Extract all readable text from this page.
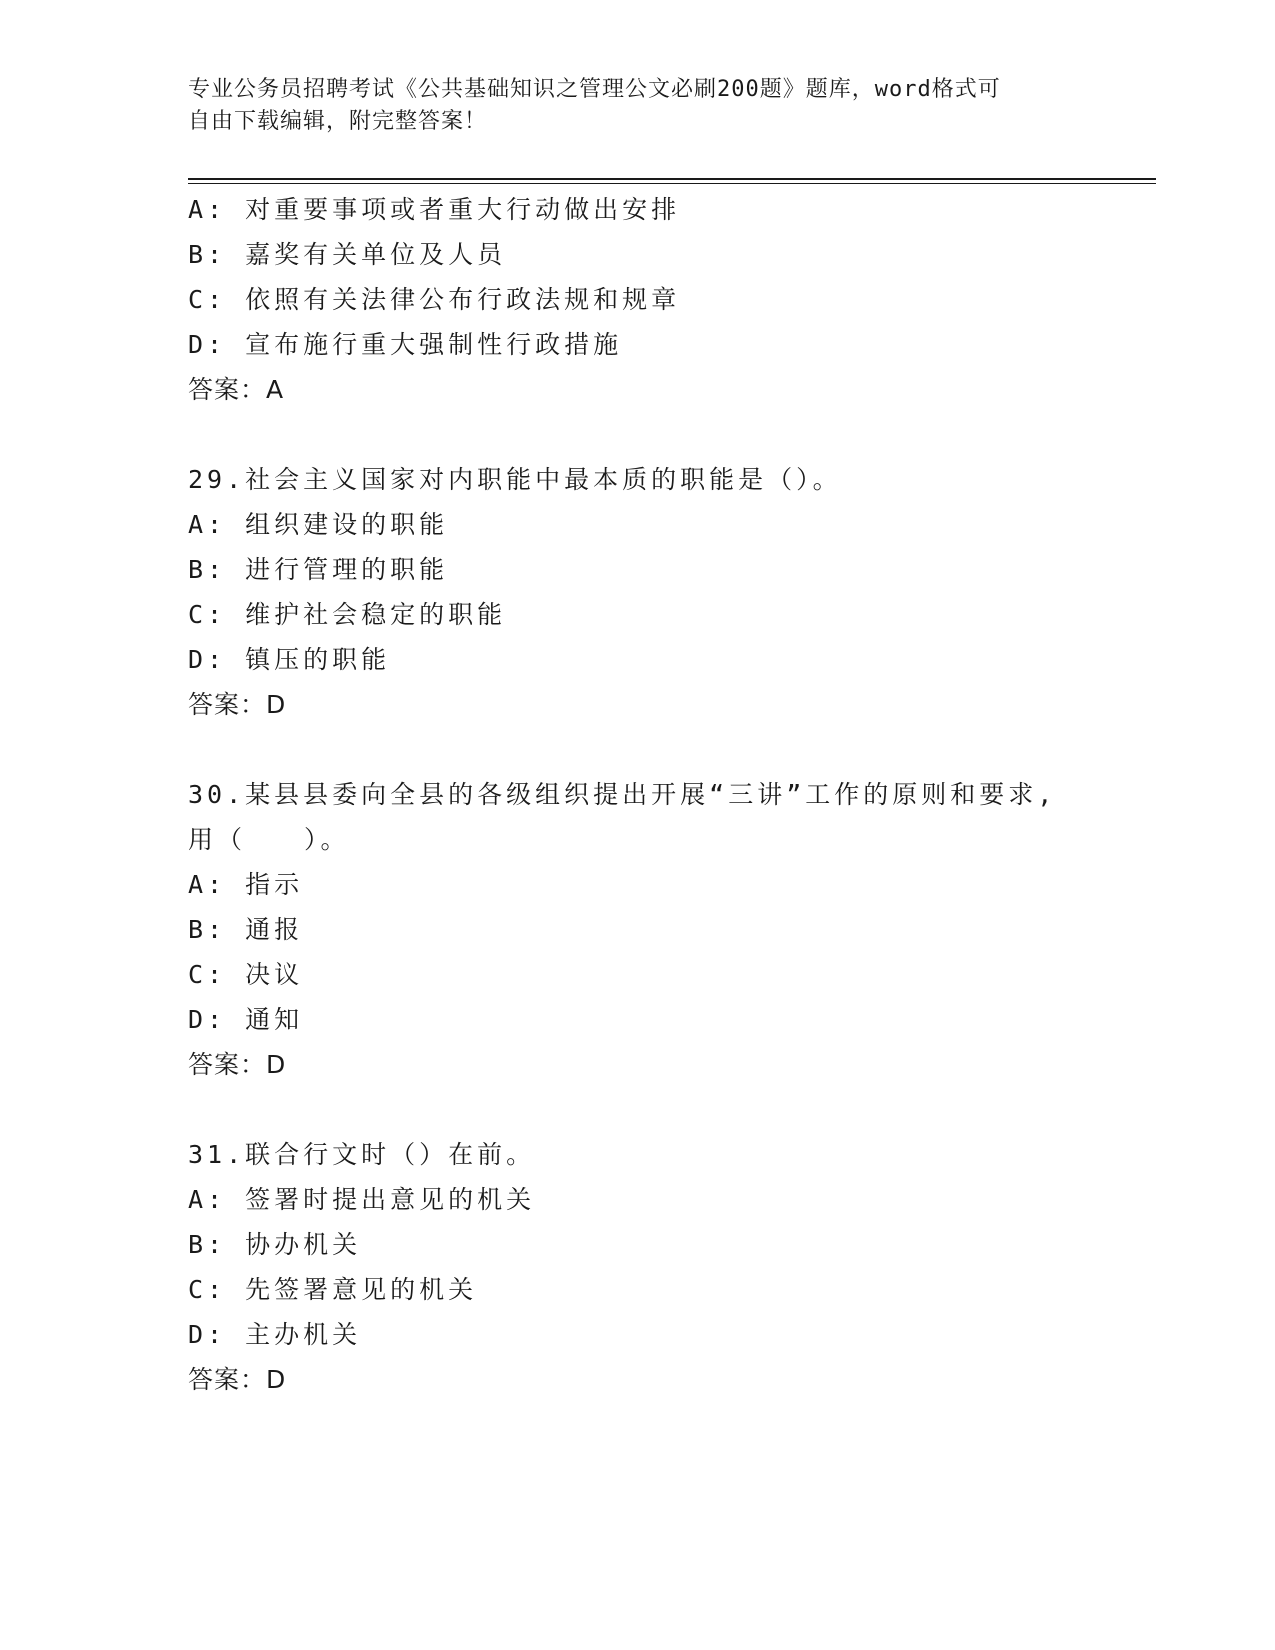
专业公务员招聘考试《公共基础知识之管理公文必刷200题》题库，word格式可
自由下载编辑，附完整答案！
A: 对重要事项或者重大行动做出安排
B: 嘉奖有关单位及人员
C: 依照有关法律公布行政法规和规章
D: 宣布施行重大强制性行政措施
答案：A
29.社会主义国家对内职能中最本质的职能是（）。
A: 组织建设的职能
B: 进行管理的职能
C: 维护社会稳定的职能
D: 镇压的职能
答案：D
30.某县县委向全县的各级组织提出开展“三讲”工作的原则和要求,
用（　　）。
A: 指示
B: 通报
C: 决议
D: 通知
答案：D
31.联合行文时（）在前。
A: 签署时提出意见的机关
B: 协办机关
C: 先签署意见的机关
D: 主办机关
答案：D
